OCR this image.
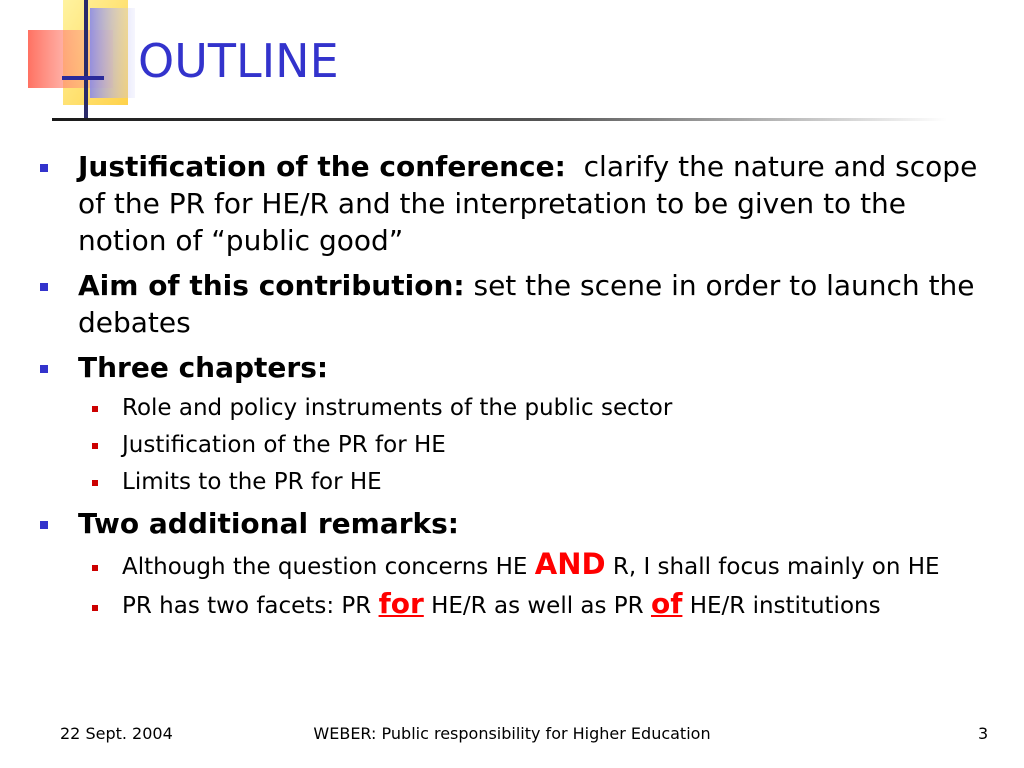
OUTLINE
Justification of the conference: clarify the nature and scope of the PR for HE/R and the interpretation to be given to the notion of “public good”
Aim of this contribution: set the scene in order to launch the debates
Three chapters:
Role and policy instruments of the public sector
Justification of the PR for HE
Limits to the PR for HE
Two additional remarks:
Although the question concerns HE AND R, I shall focus mainly on HE
PR has two facets: PR for HE/R as well as PR of HE/R institutions
22 Sept. 2004	WEBER: Public responsibility for Higher Education	3
